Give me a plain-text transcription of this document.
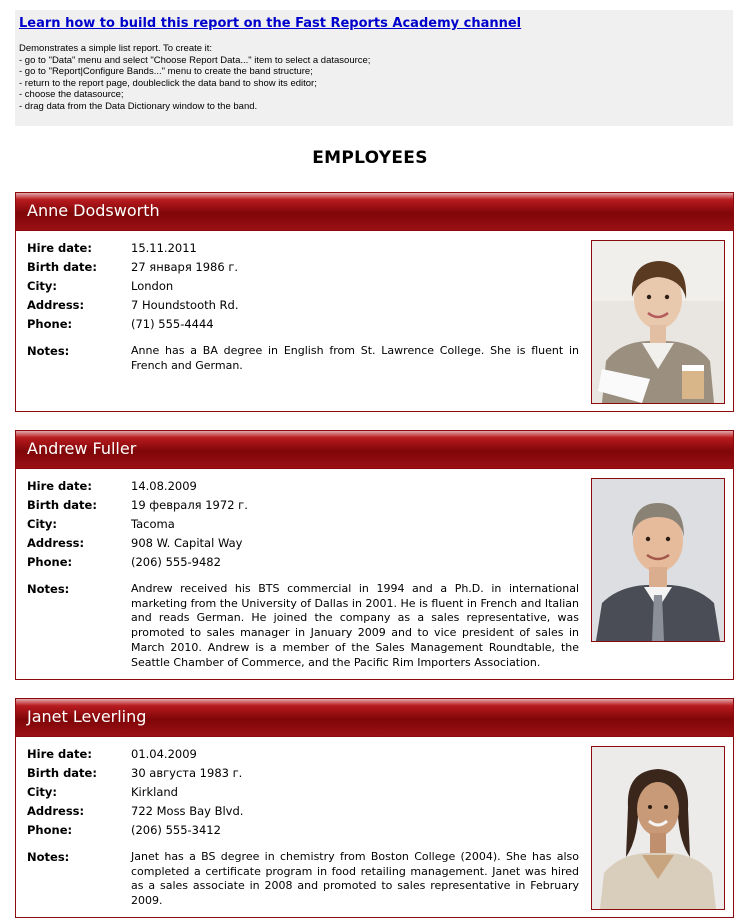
Learn how to build this report on the Fast Reports Academy channel
Demonstrates a simple list report. To create it:
- go to "Data" menu and select "Choose Report Data..." item to select a datasource;
- go to "Report|Configure Bands..." menu to create the band structure;
- return to the report page, doubleclick the data band to show its editor;
- choose the datasource;
- drag data from the Data Dictionary window to the band.
EMPLOYEES
Anne Dodsworth
Hire date:	15.11.2011
Birth date:	27 января 1986 г.
City:	London
Address:	7 Houndstooth Rd.
Phone:	(71) 555-4444
Notes:	Anne has a BA degree in English from St. Lawrence College. She is fluent in French and German.
Andrew Fuller
Hire date:	14.08.2009
Birth date:	19 февраля 1972 г.
City:	Tacoma
Address:	908 W. Capital Way
Phone:	(206) 555-9482
Notes:	Andrew received his BTS commercial in 1994 and a Ph.D. in international marketing from the University of Dallas in 2001. He is fluent in French and Italian and reads German. He joined the company as a sales representative, was promoted to sales manager in January 2009 and to vice president of sales in March 2010. Andrew is a member of the Sales Management Roundtable, the Seattle Chamber of Commerce, and the Pacific Rim Importers Association.
Janet Leverling
Hire date:	01.04.2009
Birth date:	30 августа 1983 г.
City:	Kirkland
Address:	722 Moss Bay Blvd.
Phone:	(206) 555-3412
Notes:	Janet has a BS degree in chemistry from Boston College (2004). She has also completed a certificate program in food retailing management. Janet was hired as a sales associate in 2008 and promoted to sales representative in February 2009.
